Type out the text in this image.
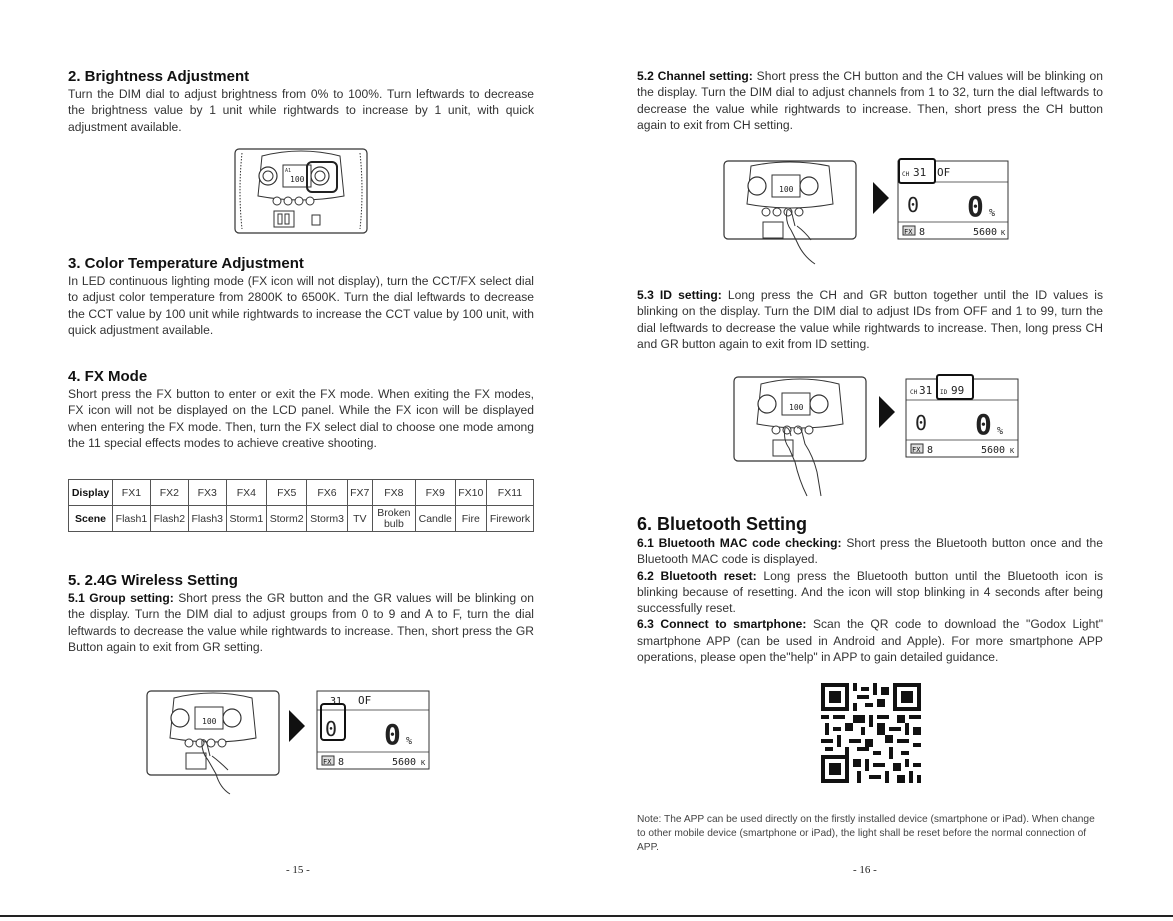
2. Brightness Adjustment

Turn the DIM dial to adjust brightness from 0% to 100%. Turn leftwards to decrease the brightness value by 1 unit while rightwards to increase by 1 unit, with quick adjustment available.

A1
100
3. Color Temperature Adjustment

In LED continuous lighting mode (FX icon will not display), turn the CCT/FX select dial to adjust color temperature from 2800K to 6500K. Turn the dial leftwards to decrease the CCT value by 100 unit while rightwards to increase the CCT value by 100 unit, with quick adjustment available.

4. FX Mode

Short press the FX button to enter or exit the FX mode. When exiting the FX modes, FX icon will not be displayed on the LCD panel. While the FX icon will be displayed when entering the FX mode. Then, turn the FX select dial to choose one mode among the 11 special effects modes to achieve creative shooting.

Display	FX1	FX2	FX3	FX4	FX5	FX6	FX7	FX8	FX9	FX10	FX11
Scene	Flash1	Flash2	Flash3	Storm1	Storm2	Storm3	TV	Broken bulb	Candle	Fire	Firework
5. 2.4G Wireless Setting

5.1 Group setting: Short press the GR button and the GR values will be blinking on the display. Turn the DIM dial to adjust groups from 0 to 9 and A to F, turn the dial leftwards to decrease the value while rightwards to increase. Then, short press the GR Button again to exit from GR setting.

100
31 OF
0 0 %
FX 8	5600 K
- 15 -

5.2 Channel setting: Short press the CH button and the CH values will be blinking on the display. Turn the DIM dial to adjust channels from 1 to 32, turn the dial leftwards to decrease the value while rightwards to increase. Then, short press the CH button again to exit from CH setting.

100
CH 31 OF
0 0 %
FX 8	5600 K

5.3 ID setting: Long press the CH and GR button together until the ID values is blinking on the display. Turn the DIM dial to adjust IDs from OFF and 1 to 99, turn the dial leftwards to decrease the value while rightwards to increase. Then, long press CH and GR button again to exit from ID setting.

100
CH 31 ID 99
0 0 %
FX 8	5600 K
6. Bluetooth Setting

6.1 Bluetooth MAC code checking: Short press the Bluetooth button once and the Bluetooth MAC code is displayed.

6.2 Bluetooth reset: Long press the Bluetooth button until the Bluetooth icon is blinking because of resetting. And the icon will stop blinking in 4 seconds after being successfully reset.

6.3 Connect to smartphone: Scan the QR code to download the "Godox Light" smartphone APP (can be used in Android and Apple). For more smartphone APP operations, please open the"help" in APP to gain detailed guidance.

Note: The APP can be used directly on the firstly installed device (smartphone or iPad). When change to other mobile device (smartphone or iPad), the light shall be reset before the normal connection of APP.
- 16 -
